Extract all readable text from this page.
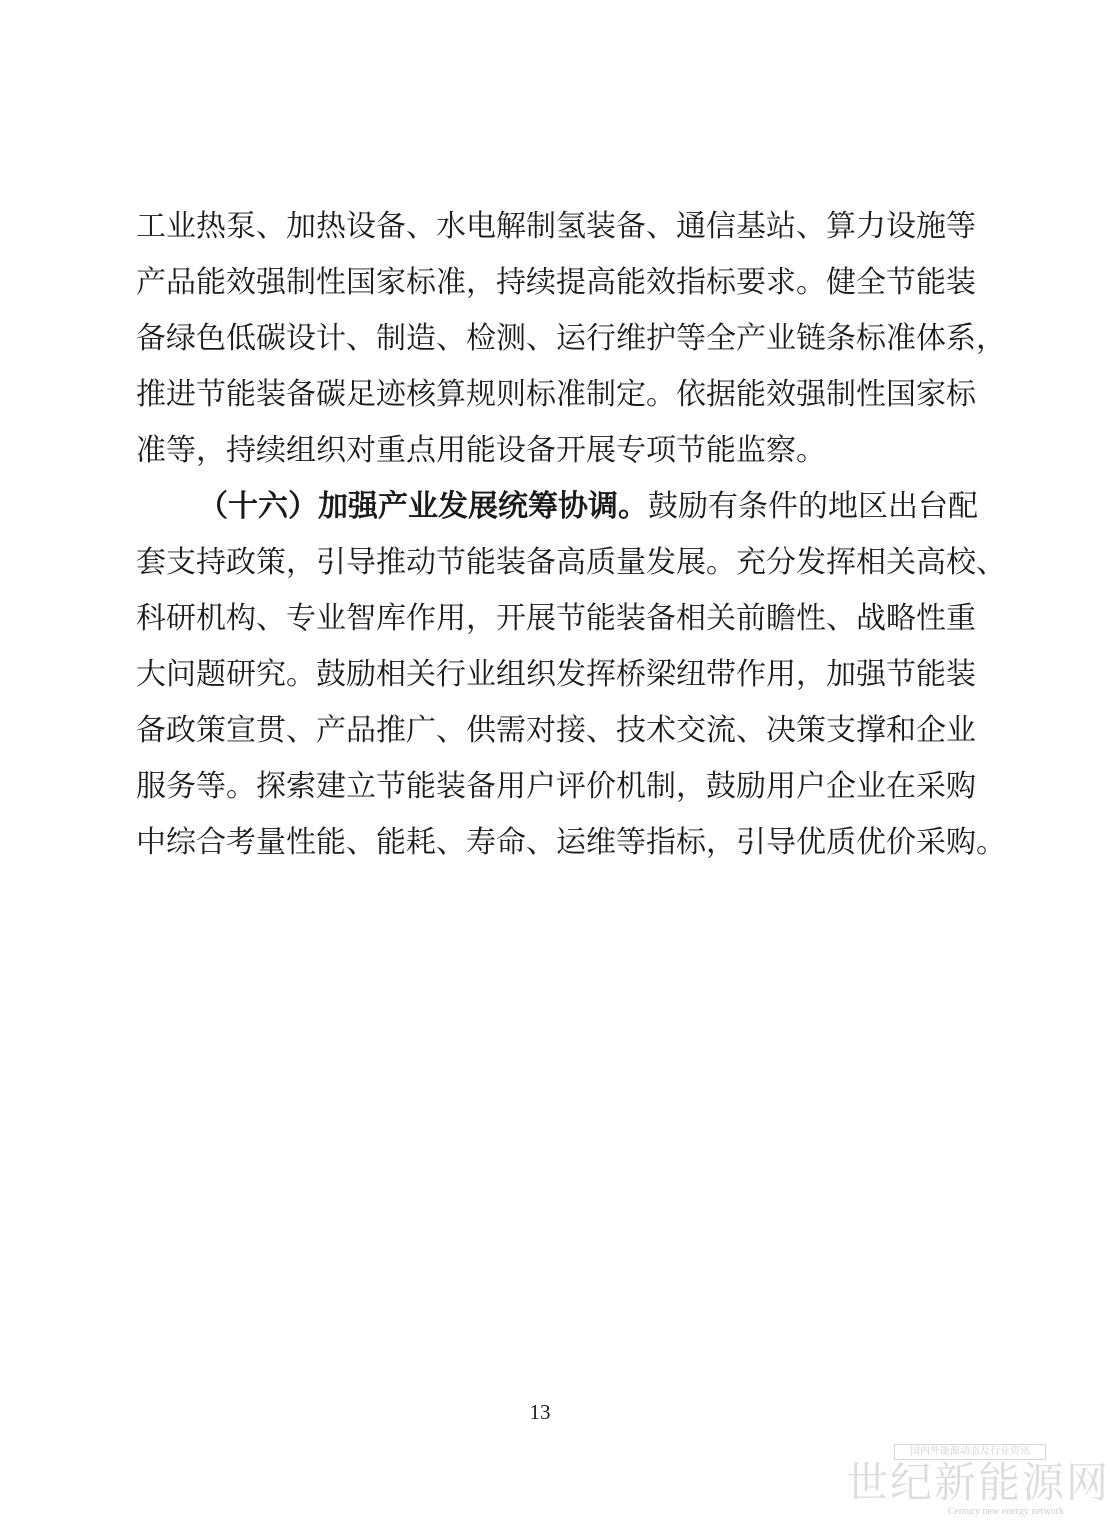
工业热泵、加热设备、水电解制氢装备、通信基站、算力设施等
产品能效强制性国家标准，持续提高能效指标要求。健全节能装
备绿色低碳设计、制造、检测、运行维护等全产业链条标准体系，
推进节能装备碳足迹核算规则标准制定。依据能效强制性国家标
准等，持续组织对重点用能设备开展专项节能监察。
（十六）加强产业发展统筹协调。鼓励有条件的地区出台配
套支持政策，引导推动节能装备高质量发展。充分发挥相关高校、
科研机构、专业智库作用，开展节能装备相关前瞻性、战略性重
大问题研究。鼓励相关行业组织发挥桥梁纽带作用，加强节能装
备政策宣贯、产品推广、供需对接、技术交流、决策支撑和企业
服务等。探索建立节能装备用户评价机制，鼓励用户企业在采购
中综合考量性能、能耗、寿命、运维等指标，引导优质优价采购。
13
国内外能源动态及行业资讯
世纪新能源网
Century new energy network
